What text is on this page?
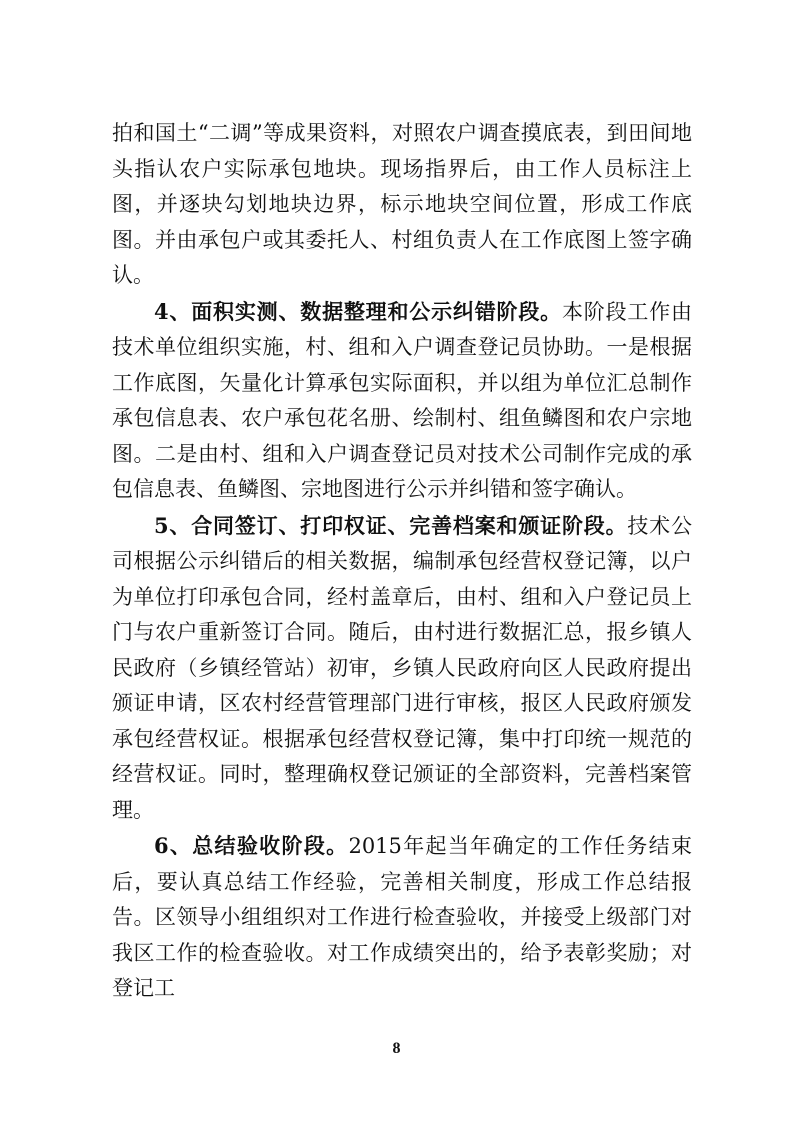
拍和国土“二调”等成果资料，对照农户调查摸底表，到田间地头指认农户实际承包地块。现场指界后，由工作人员标注上图，并逐块勾划地块边界，标示地块空间位置，形成工作底图。并由承包户或其委托人、村组负责人在工作底图上签字确认。

4、面积实测、数据整理和公示纠错阶段。本阶段工作由技术单位组织实施，村、组和入户调查登记员协助。一是根据工作底图，矢量化计算承包实际面积，并以组为单位汇总制作承包信息表、农户承包花名册、绘制村、组鱼鳞图和农户宗地图。二是由村、组和入户调查登记员对技术公司制作完成的承包信息表、鱼鳞图、宗地图进行公示并纠错和签字确认。

5、合同签订、打印权证、完善档案和颁证阶段。技术公司根据公示纠错后的相关数据，编制承包经营权登记簿，以户为单位打印承包合同，经村盖章后，由村、组和入户登记员上门与农户重新签订合同。随后，由村进行数据汇总，报乡镇人民政府（乡镇经管站）初审，乡镇人民政府向区人民政府提出颁证申请，区农村经营管理部门进行审核，报区人民政府颁发承包经营权证。根据承包经营权登记簿，集中打印统一规范的经营权证。同时，整理确权登记颁证的全部资料，完善档案管理。

6、总结验收阶段。2015年起当年确定的工作任务结束后，要认真总结工作经验，完善相关制度，形成工作总结报告。区领导小组组织对工作进行检查验收，并接受上级部门对我区工作的检查验收。对工作成绩突出的，给予表彰奖励；对登记工

8
